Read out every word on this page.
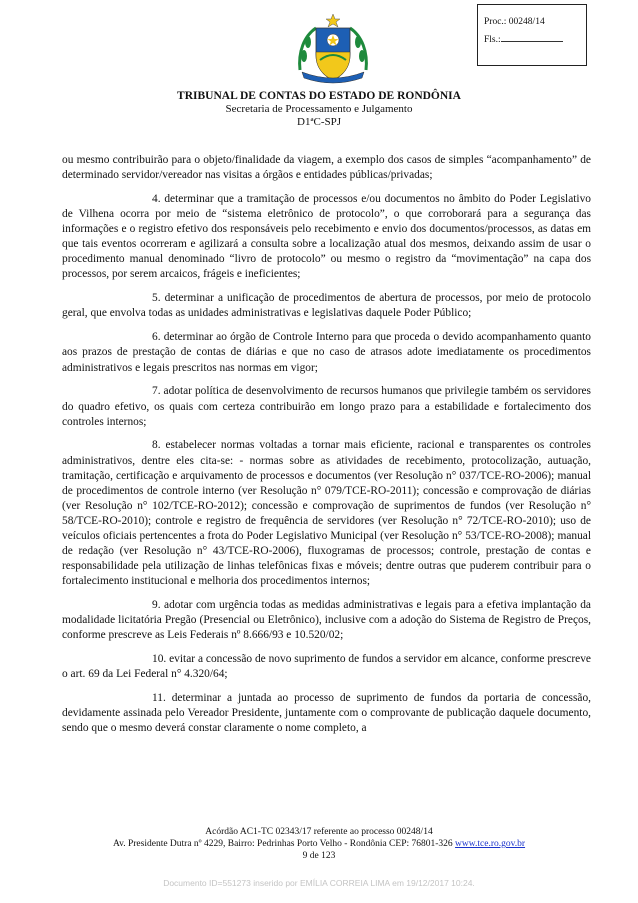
Proc.: 00248/14
Fls.:
TRIBUNAL DE CONTAS DO ESTADO DE RONDÔNIA
Secretaria de Processamento e Julgamento
D1ªC-SPJ

ou mesmo contribuirão para o objeto/finalidade da viagem, a exemplo dos casos de simples “acompanhamento” de determinado servidor/vereador nas visitas a órgãos e entidades públicas/privadas;

4. determinar que a tramitação de processos e/ou documentos no âmbito do Poder Legislativo de Vilhena ocorra por meio de “sistema eletrônico de protocolo”, o que corroborará para a segurança das informações e o registro efetivo dos responsáveis pelo recebimento e envio dos documentos/processos, as datas em que tais eventos ocorreram e agilizará a consulta sobre a localização atual dos mesmos, deixando assim de usar o procedimento manual denominado “livro de protocolo” ou mesmo o registro da “movimentação” na capa dos processos, por serem arcaicos, frágeis e ineficientes;

5. determinar a unificação de procedimentos de abertura de processos, por meio de protocolo geral, que envolva todas as unidades administrativas e legislativas daquele Poder Público;

6. determinar ao órgão de Controle Interno para que proceda o devido acompanhamento quanto aos prazos de prestação de contas de diárias e que no caso de atrasos adote imediatamente os procedimentos administrativos e legais prescritos nas normas em vigor;

7. adotar política de desenvolvimento de recursos humanos que privilegie também os servidores do quadro efetivo, os quais com certeza contribuirão em longo prazo para a estabilidade e fortalecimento dos controles internos;

8. estabelecer normas voltadas a tornar mais eficiente, racional e transparentes os controles administrativos, dentre eles cita-se: - normas sobre as atividades de recebimento, protocolização, autuação, tramitação, certificação e arquivamento de processos e documentos (ver Resolução n° 037/TCE-RO-2006); manual de procedimentos de controle interno (ver Resolução n° 079/TCE-RO-2011); concessão e comprovação de diárias (ver Resolução n° 102/TCE-RO-2012); concessão e comprovação de suprimentos de fundos (ver Resolução n° 58/TCE-RO-2010); controle e registro de frequência de servidores (ver Resolução n° 72/TCE-RO-2010); uso de veículos oficiais pertencentes a frota do Poder Legislativo Municipal (ver Resolução n° 53/TCE-RO-2008); manual de redação (ver Resolução n° 43/TCE-RO-2006), fluxogramas de processos; controle, prestação de contas e responsabilidade pela utilização de linhas telefônicas fixas e móveis; dentre outras que puderem contribuir para o fortalecimento institucional e melhoria dos procedimentos internos;

9. adotar com urgência todas as medidas administrativas e legais para a efetiva implantação da modalidade licitatória Pregão (Presencial ou Eletrônico), inclusive com a adoção do Sistema de Registro de Preços, conforme prescreve as Leis Federais nº 8.666/93 e 10.520/02;

10. evitar a concessão de novo suprimento de fundos a servidor em alcance, conforme prescreve o art. 69 da Lei Federal n° 4.320/64;

11. determinar a juntada ao processo de suprimento de fundos da portaria de concessão, devidamente assinada pelo Vereador Presidente, juntamente com o comprovante de publicação daquele documento, sendo que o mesmo deverá constar claramente o nome completo, a

Acórdão AC1-TC 02343/17 referente ao processo 00248/14
Av. Presidente Dutra nº 4229, Bairro: Pedrinhas Porto Velho - Rondônia CEP: 76801-326 www.tce.ro.gov.br
9 de 123
Documento ID=551273 inserido por EMÍLIA CORREIA LIMA em 19/12/2017 10:24.
